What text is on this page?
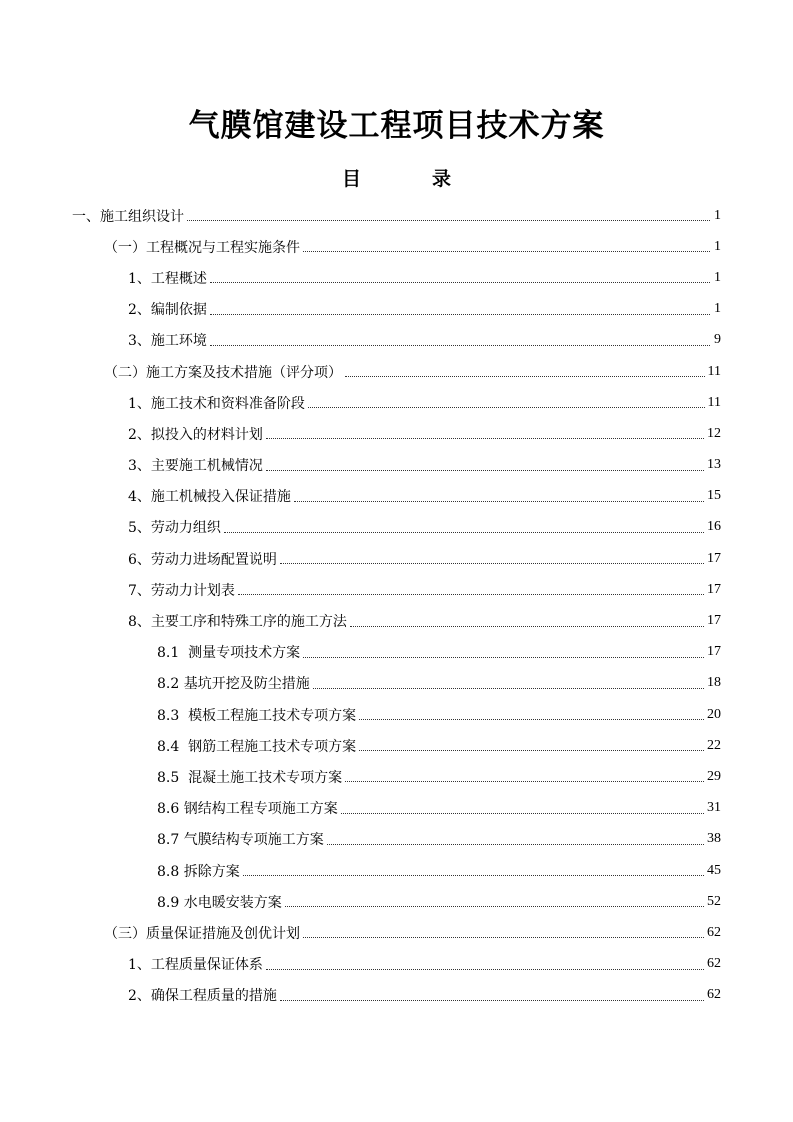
气膜馆建设工程项目技术方案
目　录
一、施工组织设计	1
（一）工程概况与工程实施条件	1
1、工程概述	1
2、编制依据	1
3、施工环境	9
（二）施工方案及技术措施（评分项）	11
1、施工技术和资料准备阶段	11
2、拟投入的材料计划	12
3、主要施工机械情况	13
4、施工机械投入保证措施	15
5、劳动力组织	16
6、劳动力进场配置说明	17
7、劳动力计划表	17
8、主要工序和特殊工序的施工方法	17
8.1  测量专项技术方案	17
8.2 基坑开挖及防尘措施	18
8.3  模板工程施工技术专项方案	20
8.4  钢筋工程施工技术专项方案	22
8.5  混凝土施工技术专项方案	29
8.6 钢结构工程专项施工方案	31
8.7 气膜结构专项施工方案	38
8.8 拆除方案	45
8.9 水电暖安装方案	52
（三）质量保证措施及创优计划	62
1、工程质量保证体系	62
2、确保工程质量的措施	62
